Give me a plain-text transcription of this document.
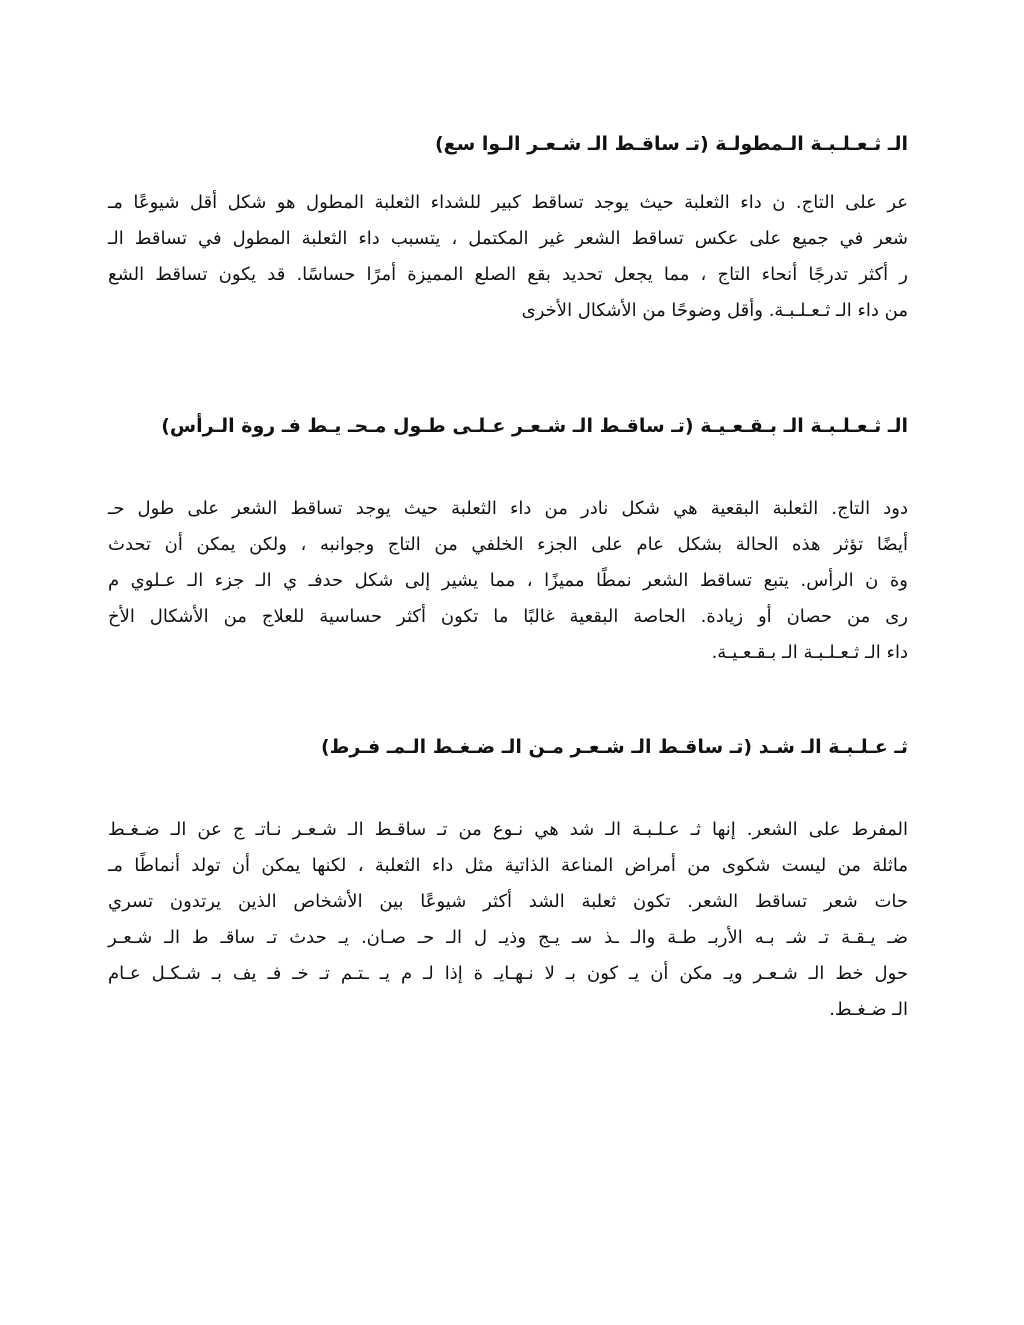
الـ ثـعـلـبـة الـمطولـة (تـ ساقـط الـ شـعـر الـوا سع)

عر على التاج. ن داء الثعلبة حيث يوجد تساقط كبير للشداء الثعلبة المطول هو شكل أقل شيوعًا مـ
شعر في جميع على عكس تساقط الشعر غير المكتمل ، يتسبب داء الثعلبة المطول في تساقط الـ
ر أكثر تدرجًا أنحاء التاج ، مما يجعل تحديد بقع الصلع المميزة أمرًا حساسًا. قد يكون تساقط الشع
من داء الـ ثـعـلـبـة. وأقل وضوحًا من الأشكال الأخرى

الـ ثـعـلـبـة الـ بـقـعـيـة (تـ ساقـط الـ شـعـر عـلـى طـول مـحـ يـط فـ روة الـرأس)

دود التاج. الثعلبة البقعية هي شكل نادر من داء الثعلبة حيث يوجد تساقط الشعر على طول حـ
أيضًا تؤثر هذه الحالة بشكل عام على الجزء الخلفي من التاج وجوانبه ، ولكن يمكن أن تحدث
وة ن الرأس. يتبع تساقط الشعر نمطًا مميزًا ، مما يشير إلى شكل حدفـ ي الـ جزء الـ عـلوي م
رى من حصان أو زيادة. الحاصة البقعية غالبًا ما تكون أكثر حساسية للعلاج من الأشكال الأخ
داء الـ ثـعـلـبـة الـ بـقـعـيـة.

ثـ عـلـبـة الـ شـد (تـ ساقـط الـ شـعـر مـن الـ ضـغـط الـمـ فـرط)

المفرط على الشعر. إنها ثـ عـلـبـة الـ شد هي نـوع من تـ ساقـط الـ شـعـر نـاتـ ج عن الـ ضـغـط
ماثلة من ليست شكوى من أمراض المناعة الذاتية مثل داء الثعلبة ، لكنها يمكن أن تولد أنماطًا مـ
حات شعر تساقط الشعر. تكون ثعلبة الشد أكثر شيوعًا بين الأشخاص الذين يرتدون تسري
ضـ يـقـة تـ شـ بـه الأربـ طـة والـ ـذ سـ يـج وذيـ ل الـ حـ صـان. يـ حدث تـ ساقـ ط الـ شـعـر
حول خط الـ شـعـر ويـ مكن أن يـ كون بـ لا نـهـايـ ة إذا لـ م يـ ـتـم تـ خـ فـ يف بـ شـكـل عـام
الـ ضـغـط.
